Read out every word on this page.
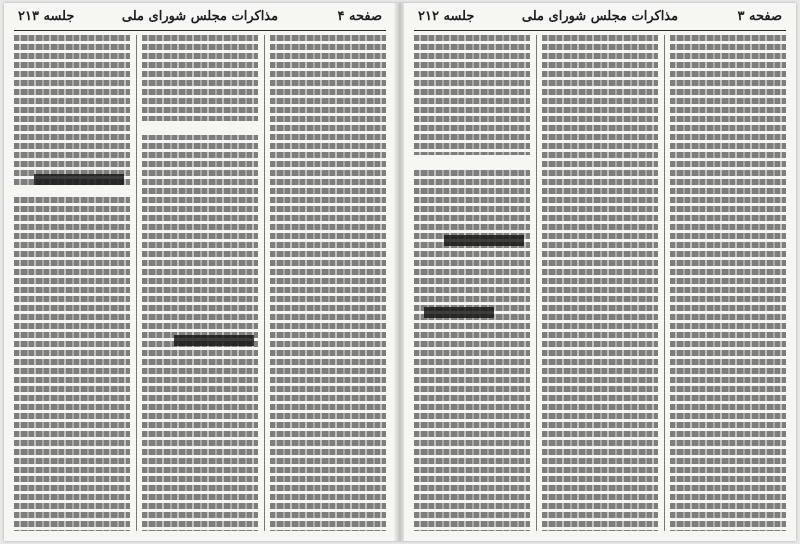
صفحه ۴
مذاکرات مجلس شورای ملی
جلسه ۲۱۳	صفحه ۳
مذاکرات مجلس شورای ملی
جلسه ۲۱۲
